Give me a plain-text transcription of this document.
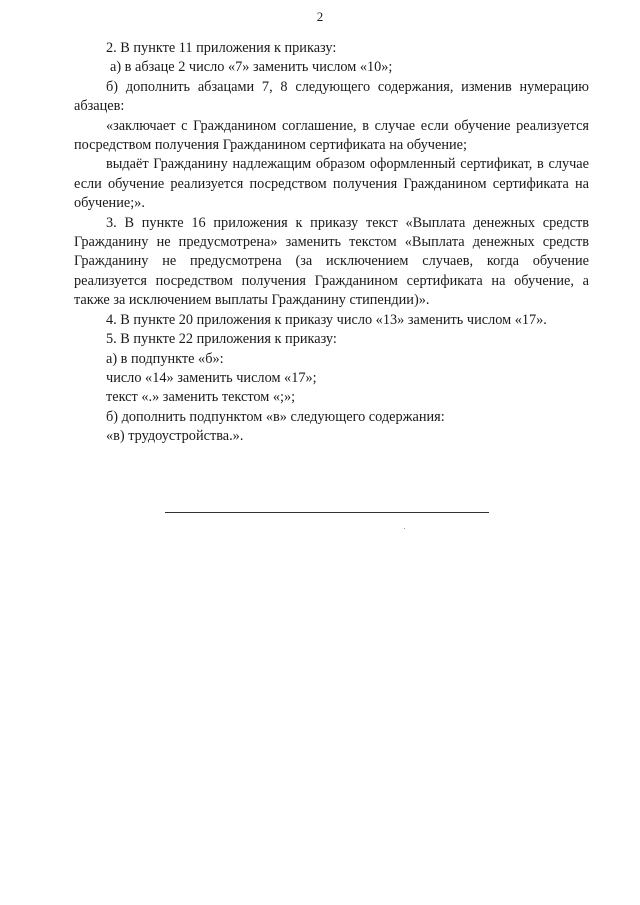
2

2. В пункте 11 приложения к приказу:

а) в абзаце 2 число «7» заменить числом «10»;

б) дополнить абзацами 7, 8 следующего содержания, изменив нумерацию абзацев:

«заключает с Гражданином соглашение, в случае если обучение реализуется посредством получения Гражданином сертификата на обучение;

выдаёт Гражданину надлежащим образом оформленный сертификат, в случае если обучение реализуется посредством получения Гражданином сертификата на обучение;».

3. В пункте 16 приложения к приказу текст «Выплата денежных средств Гражданину не предусмотрена» заменить текстом «Выплата денежных средств Гражданину не предусмотрена (за исключением случаев, когда обучение реализуется посредством получения Гражданином сертификата на обучение, а также за исключением выплаты Гражданину стипендии)».

4. В пункте 20 приложения к приказу число «13» заменить числом «17».

5. В пункте 22 приложения к приказу:

а) в подпункте «б»:

число «14» заменить числом «17»;

текст «.» заменить текстом «;»;

б) дополнить подпунктом «в» следующего содержания:

«в) трудоустройства.».
